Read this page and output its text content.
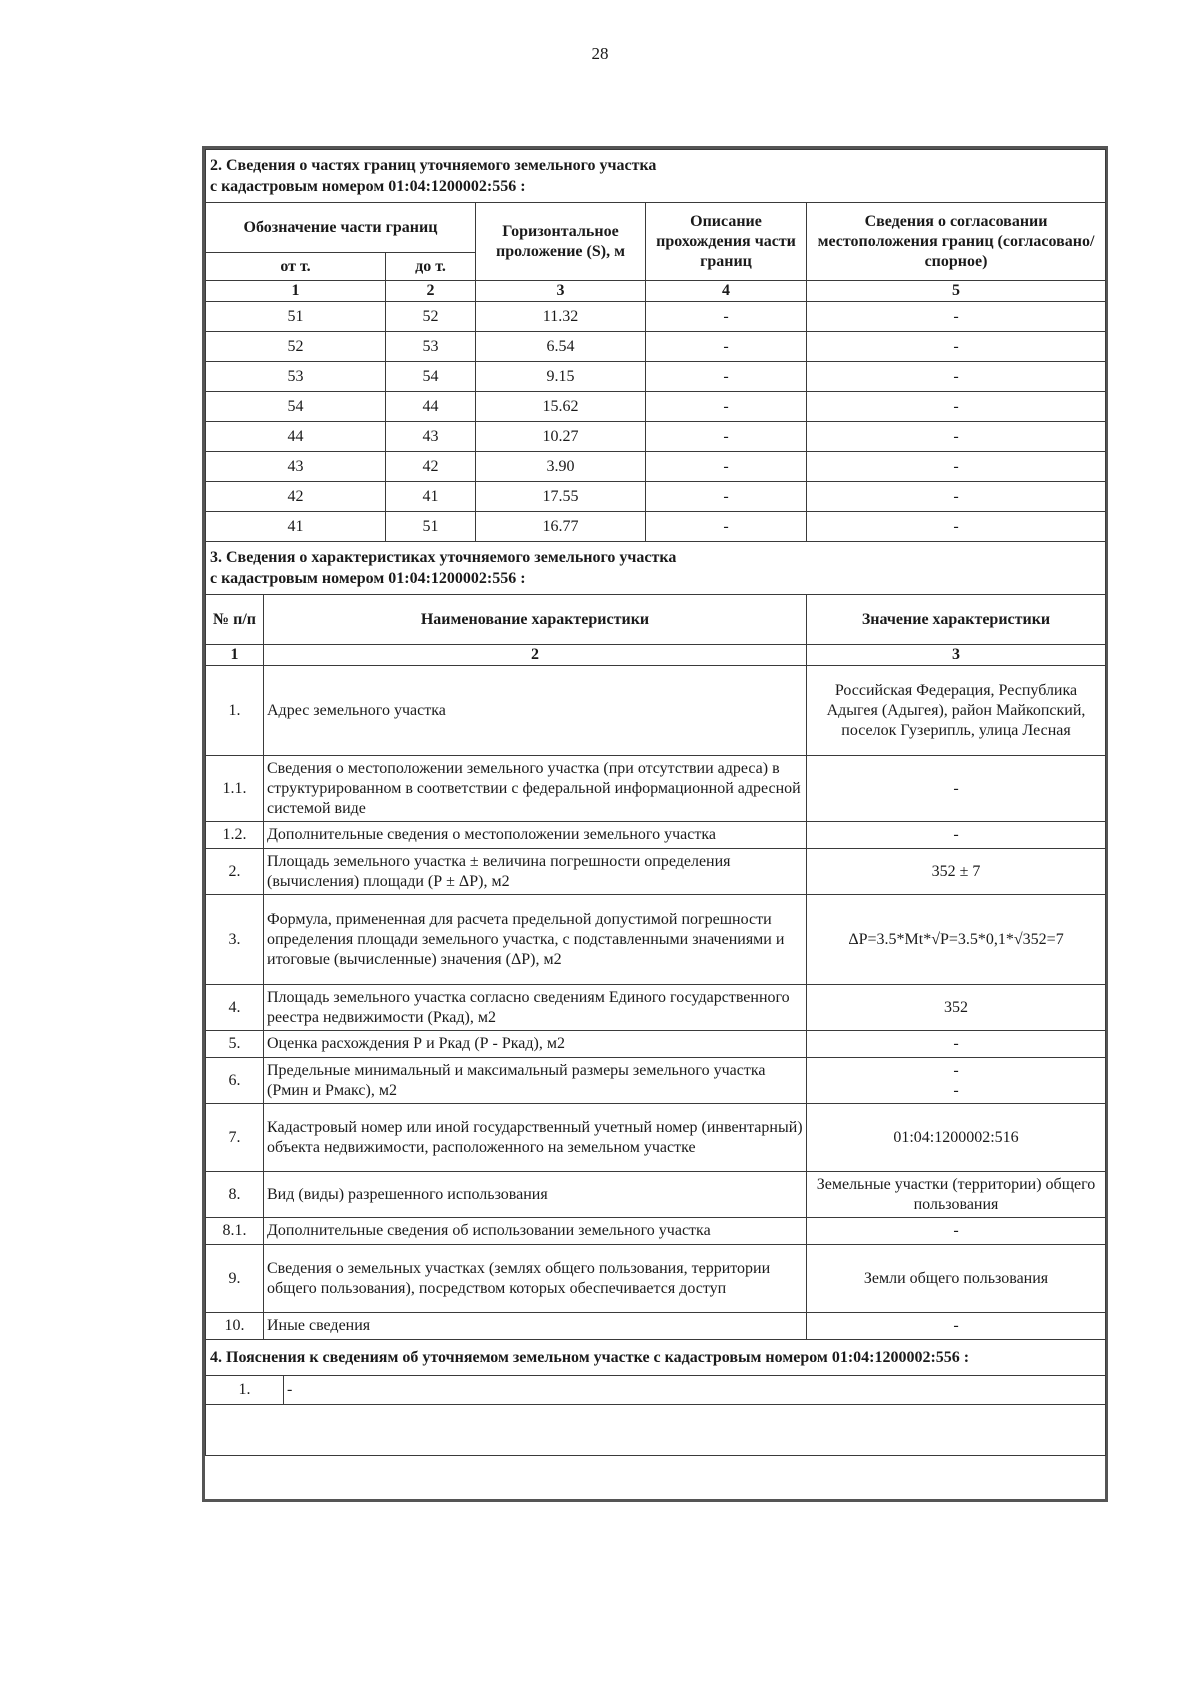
28
2. Сведения о частях границ уточняемого земельного участка
с кадастровым номером 01:04:1200002:556 :				

Обозначение части границ		Горизонтальное проложение (S), м	Описание прохождения части границ	Сведения о согласовании местоположения границ (согласовано/спорное)
от т.	до т.			
1	2	3	4	5
51	52	11.32	-	-
52	53	6.54	-	-
53	54	9.15	-	-
54	44	15.62	-	-
44	43	10.27	-	-
43	42	3.90	-	-
42	41	17.55	-	-
41	51	16.77	-	-
3. Сведения о характеристиках уточняемого земельного участка
с кадастровым номером 01:04:1200002:556 :		

№ п/п	Наименование характеристики	Значение характеристики
1	2	3
1.	Адрес земельного участка	Российская Федерация, Республика Адыгея (Адыгея), район Майкопский, поселок Гузерипль, улица Лесная
1.1.	Сведения о местоположении земельного участка (при отсутствии адреса) в структурированном в соответствии с федеральной информационной адресной системой виде	-
1.2.	Дополнительные сведения о местоположении земельного участка	-
2.	Площадь земельного участка ± величина погрешности определения (вычисления) площади (Р ± ΔР), м2	352 ± 7
3.	Формула, примененная для расчета предельной допустимой погрешности определения площади земельного участка, с подставленными значениями и итоговые (вычисленные) значения (ΔР), м2	ΔР=3.5*Mt*√Р=3.5*0,1*√352=7
4.	Площадь земельного участка согласно сведениям Единого государственного реестра недвижимости (Ркад), м2	352
5.	Оценка расхождения Р и Ркад (Р - Ркад), м2	-
6.	Предельные минимальный и максимальный размеры земельного участка (Рмин и Рмакс), м2	-
-
7.	Кадастровый номер или иной государственный учетный номер (инвентарный) объекта недвижимости, расположенного на земельном участке	01:04:1200002:516
8.	Вид (виды) разрешенного использования	Земельные участки (территории) общего пользования
8.1.	Дополнительные сведения об использовании земельного участка	-
9.	Сведения о земельных участках (землях общего пользования, территории общего пользования), посредством которых обеспечивается доступ	Земли общего пользования
10.	Иные сведения	-
4. Пояснения к сведениям об уточняемом земельном участке с кадастровым номером 01:04:1200002:556 :
1.	-
